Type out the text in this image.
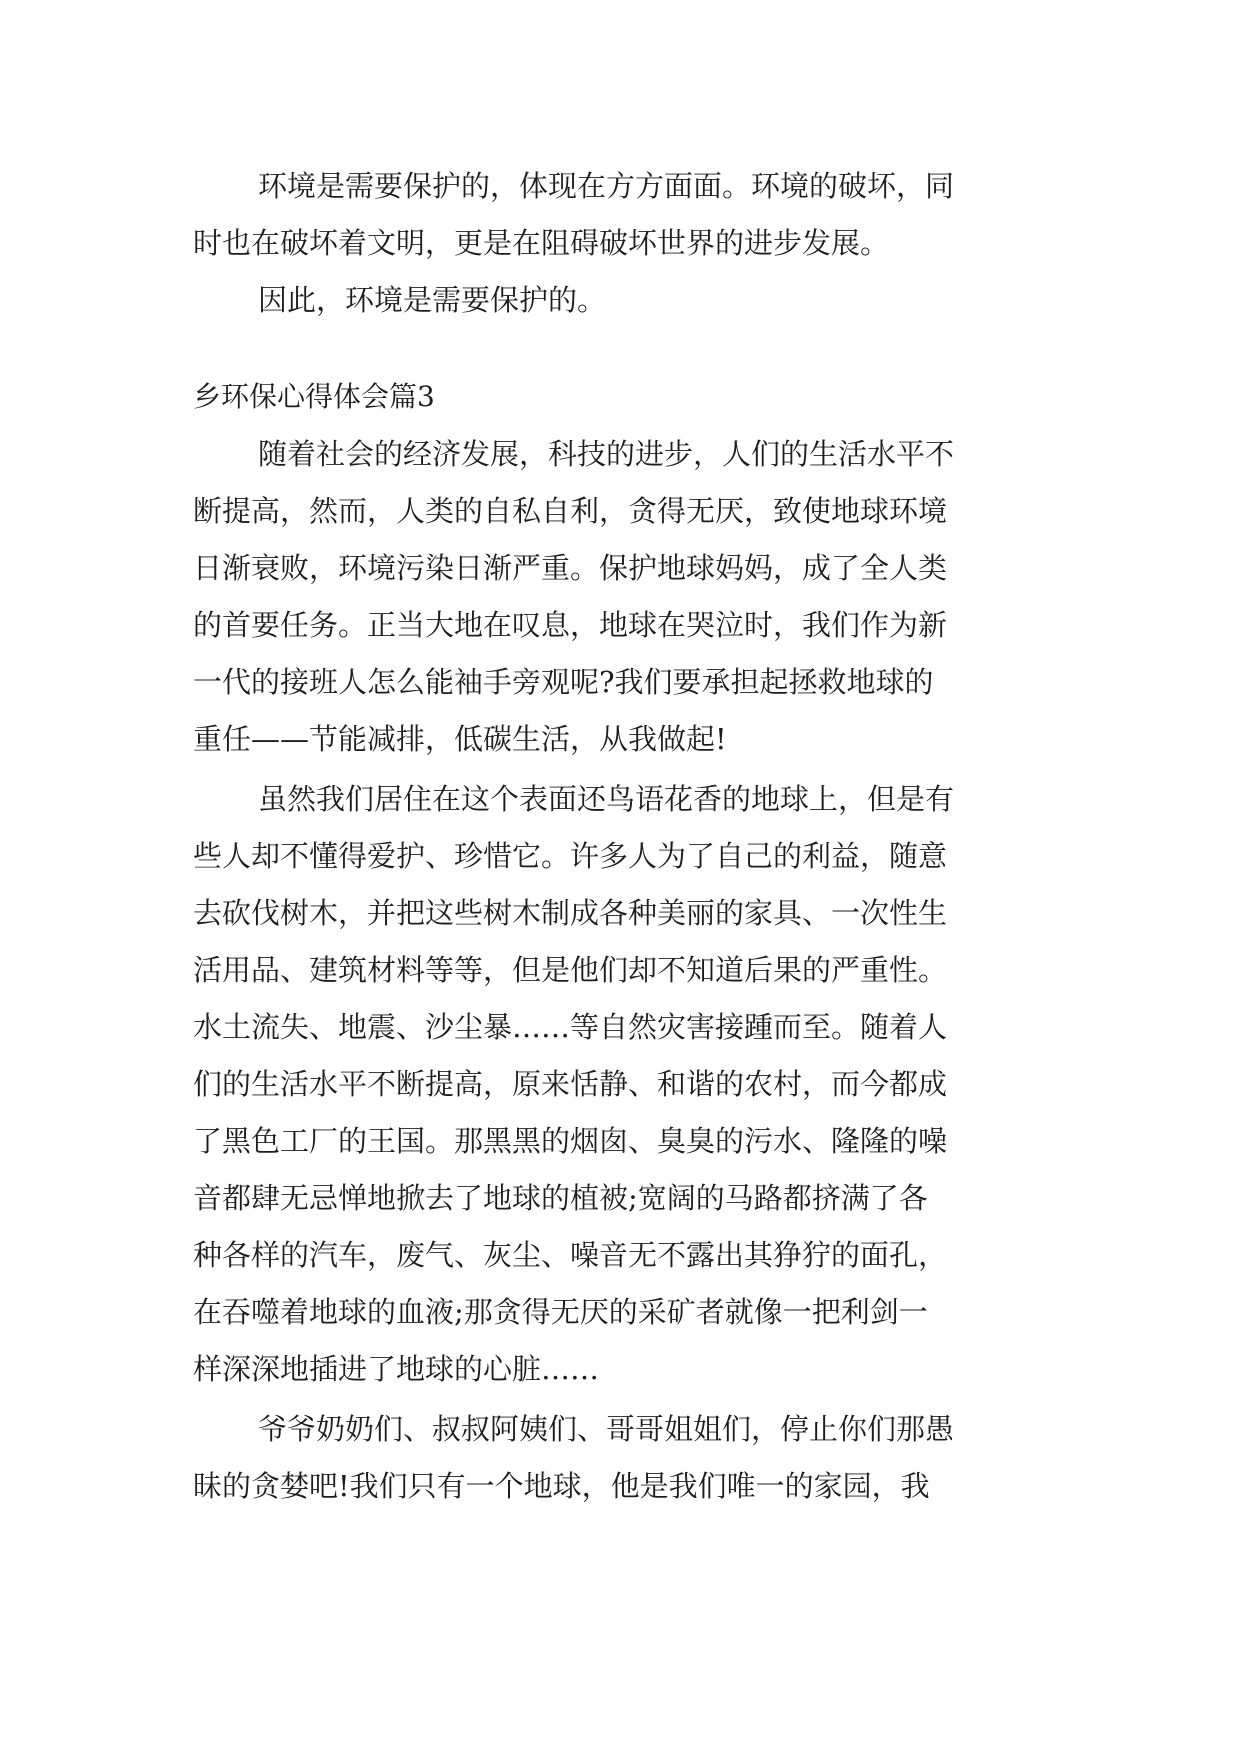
环境是需要保护的，体现在方方面面。环境的破坏，同
时也在破坏着文明，更是在阻碍破坏世界的进步发展。
因此，环境是需要保护的。
乡环保心得体会篇3
随着社会的经济发展，科技的进步，人们的生活水平不
断提高，然而，人类的自私自利，贪得无厌，致使地球环境
日渐衰败，环境污染日渐严重。保护地球妈妈，成了全人类
的首要任务。正当大地在叹息，地球在哭泣时，我们作为新
一代的接班人怎么能袖手旁观呢?我们要承担起拯救地球的
重任——节能减排，低碳生活，从我做起!
虽然我们居住在这个表面还鸟语花香的地球上，但是有
些人却不懂得爱护、珍惜它。许多人为了自己的利益，随意
去砍伐树木，并把这些树木制成各种美丽的家具、一次性生
活用品、建筑材料等等，但是他们却不知道后果的严重性。
水土流失、地震、沙尘暴……等自然灾害接踵而至。随着人
们的生活水平不断提高，原来恬静、和谐的农村，而今都成
了黑色工厂的王国。那黑黑的烟囱、臭臭的污水、隆隆的噪
音都肆无忌惮地掀去了地球的植被;宽阔的马路都挤满了各
种各样的汽车，废气、灰尘、噪音无不露出其狰狞的面孔，
在吞噬着地球的血液;那贪得无厌的采矿者就像一把利剑一
样深深地插进了地球的心脏……
爷爷奶奶们、叔叔阿姨们、哥哥姐姐们，停止你们那愚
昧的贪婪吧!我们只有一个地球，他是我们唯一的家园，我
